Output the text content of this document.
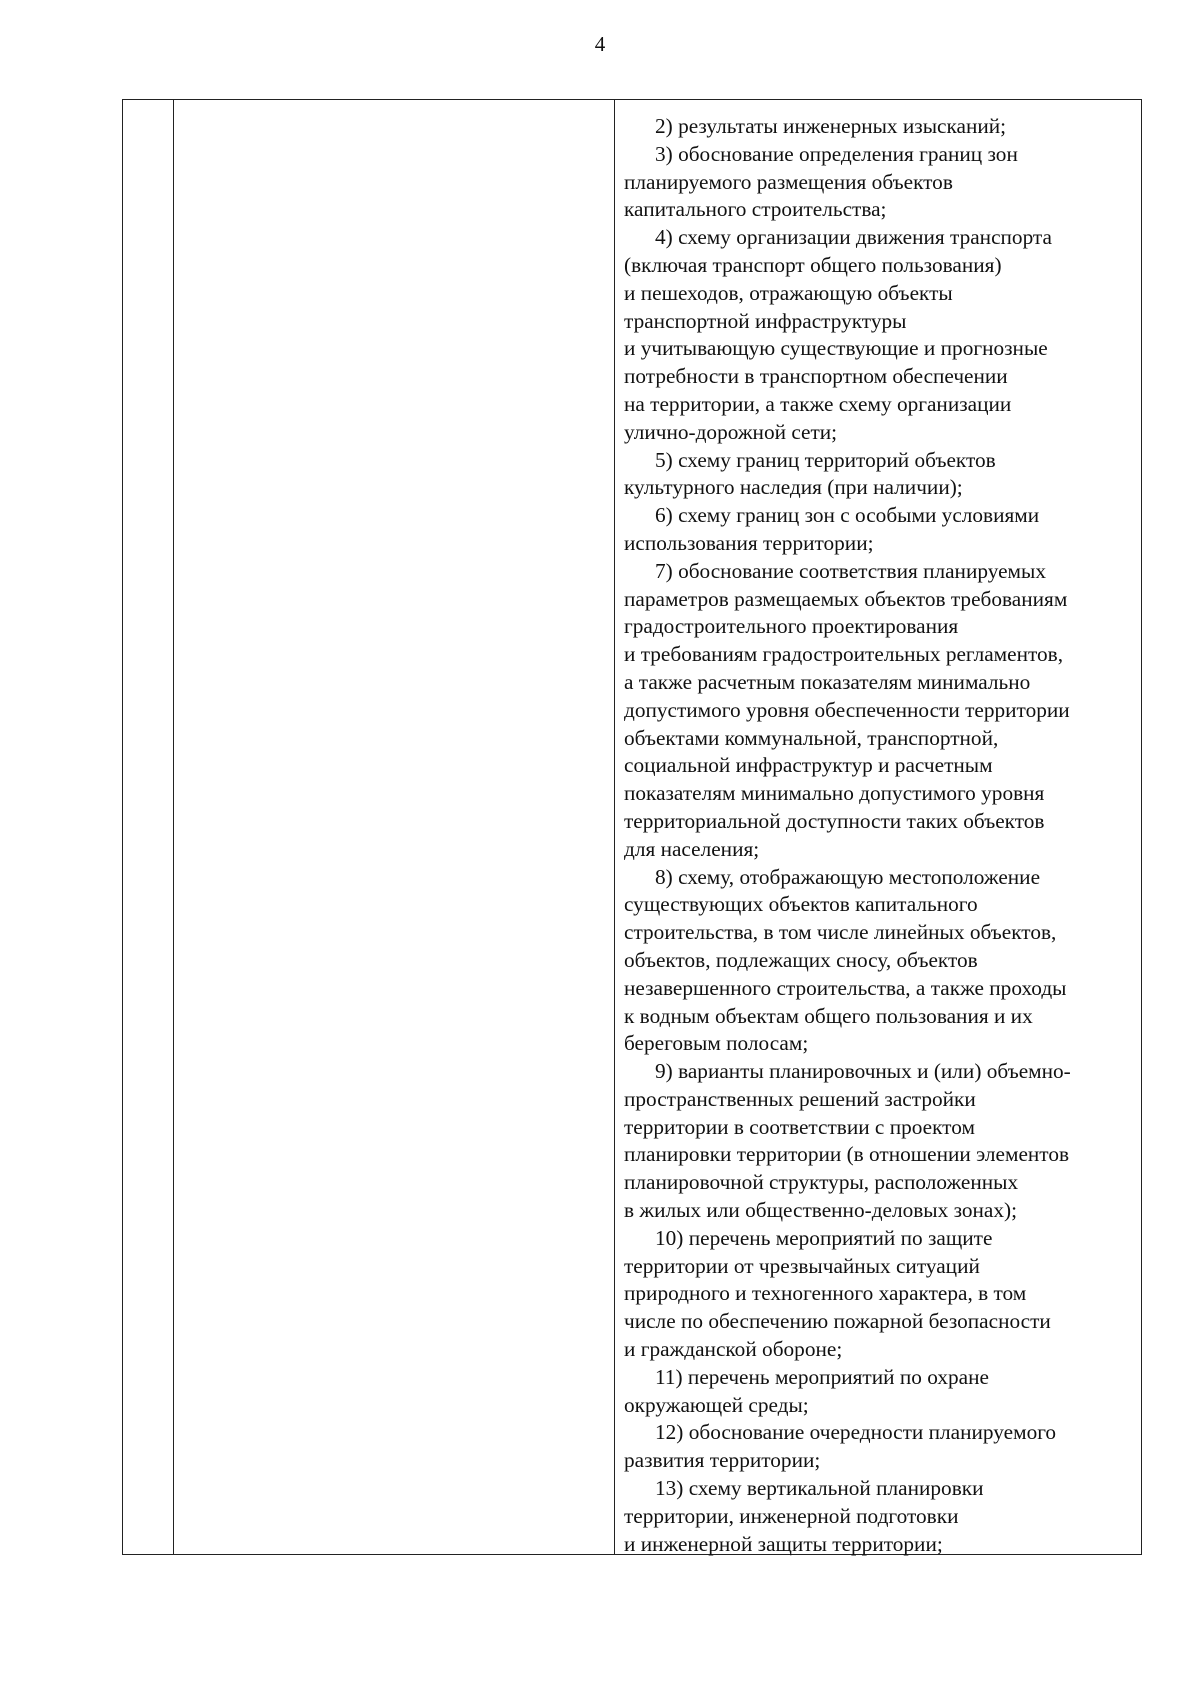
4
2) результаты инженерных изысканий;
3) обоснование определения границ зон
планируемого размещения объектов
капитального строительства;
4) схему организации движения транспорта
(включая транспорт общего пользования)
и пешеходов, отражающую объекты
транспортной инфраструктуры
и учитывающую существующие и прогнозные
потребности в транспортном обеспечении
на территории, а также схему организации
улично-дорожной сети;
5) схему границ территорий объектов
культурного наследия (при наличии);
6) схему границ зон с особыми условиями
использования территории;
7) обоснование соответствия планируемых
параметров размещаемых объектов требованиям
градостроительного проектирования
и требованиям градостроительных регламентов,
а также расчетным показателям минимально
допустимого уровня обеспеченности территории
объектами коммунальной, транспортной,
социальной инфраструктур и расчетным
показателям минимально допустимого уровня
территориальной доступности таких объектов
для населения;
8) схему, отображающую местоположение
существующих объектов капитального
строительства, в том числе линейных объектов,
объектов, подлежащих сносу, объектов
незавершенного строительства, а также проходы
к водным объектам общего пользования и их
береговым полосам;
9) варианты планировочных и (или) объемно-
пространственных решений застройки
территории в соответствии с проектом
планировки территории (в отношении элементов
планировочной структуры, расположенных
в жилых или общественно-деловых зонах);
10) перечень мероприятий по защите
территории от чрезвычайных ситуаций
природного и техногенного характера, в том
числе по обеспечению пожарной безопасности
и гражданской обороне;
11) перечень мероприятий по охране
окружающей среды;
12) обоснование очередности планируемого
развития территории;
13) схему вертикальной планировки
территории, инженерной подготовки
и инженерной защиты территории;
